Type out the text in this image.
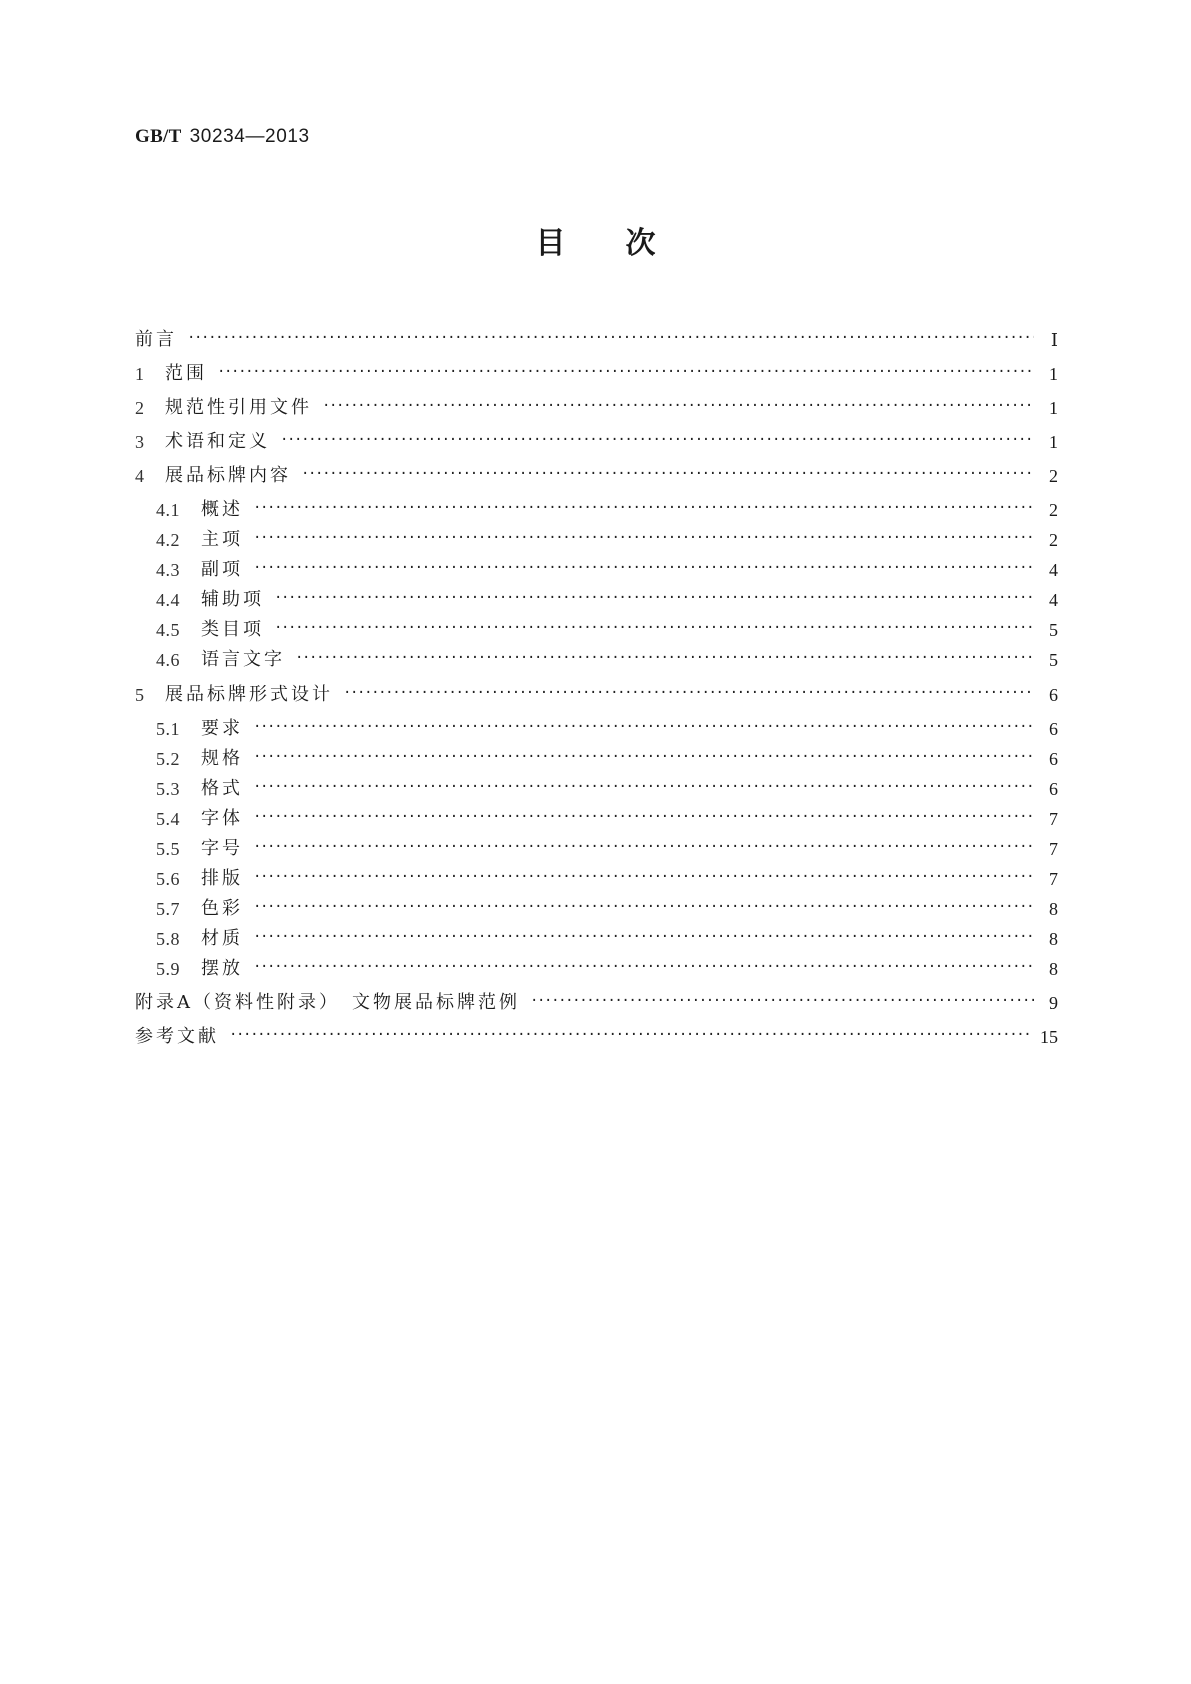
GB/T 30234—2013
目 次
前言 ·····	Ⅰ
1	范围 ·····	1
2	规范性引用文件 ·····	1
3	术语和定义 ·····	1
4	展品标牌内容 ·····	2
4.1	概述 ·····	2
4.2	主项 ·····	2
4.3	副项 ·····	4
4.4	辅助项 ·····	4
4.5	类目项 ·····	5
4.6	语言文字 ·····	5
5	展品标牌形式设计 ·····	6
5.1	要求 ·····	6
5.2	规格 ·····	6
5.3	格式 ·····	6
5.4	字体 ·····	7
5.5	字号 ·····	7
5.6	排版 ·····	7
5.7	色彩 ·····	8
5.8	材质 ·····	8
5.9	摆放 ·····	8
附录A（资料性附录）　文物展品标牌范例 ·····	9
参考文献 ·····	15
